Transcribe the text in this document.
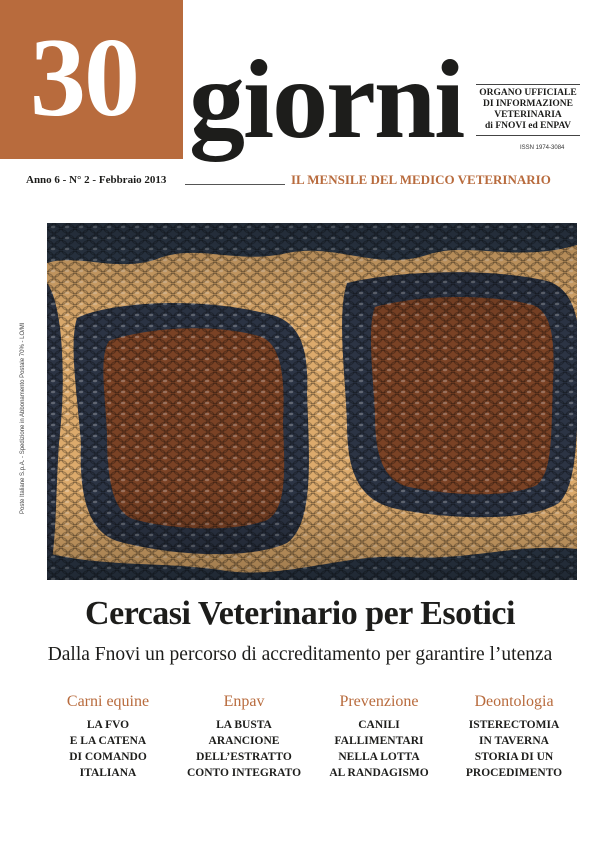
30 giorni	ORGANO UFFICIALE
DI INFORMAZIONE
VETERINARIA
di FNOVI ed ENPAV
ISSN 1974-3084
Anno 6 - N° 2 - Febbraio 2013	IL MENSILE DEL MEDICO VETERINARIO
Poste Italiane S.p.A. - Spedizione in Abbonamento Postale 70% - LO/MI
Cercasi Veterinario per Esotici
Dalla Fnovi un percorso di accreditamento per garantire l’utenza
Carni equine
LA FVO
E LA CATENA
DI COMANDO
ITALIANA
Enpav
LA BUSTA
ARANCIONE
DELL’ESTRATTO
CONTO INTEGRATO
Prevenzione
CANILI
FALLIMENTARI
NELLA LOTTA
AL RANDAGISMO
Deontologia
ISTERECTOMIA
IN TAVERNA
STORIA DI UN
PROCEDIMENTO
